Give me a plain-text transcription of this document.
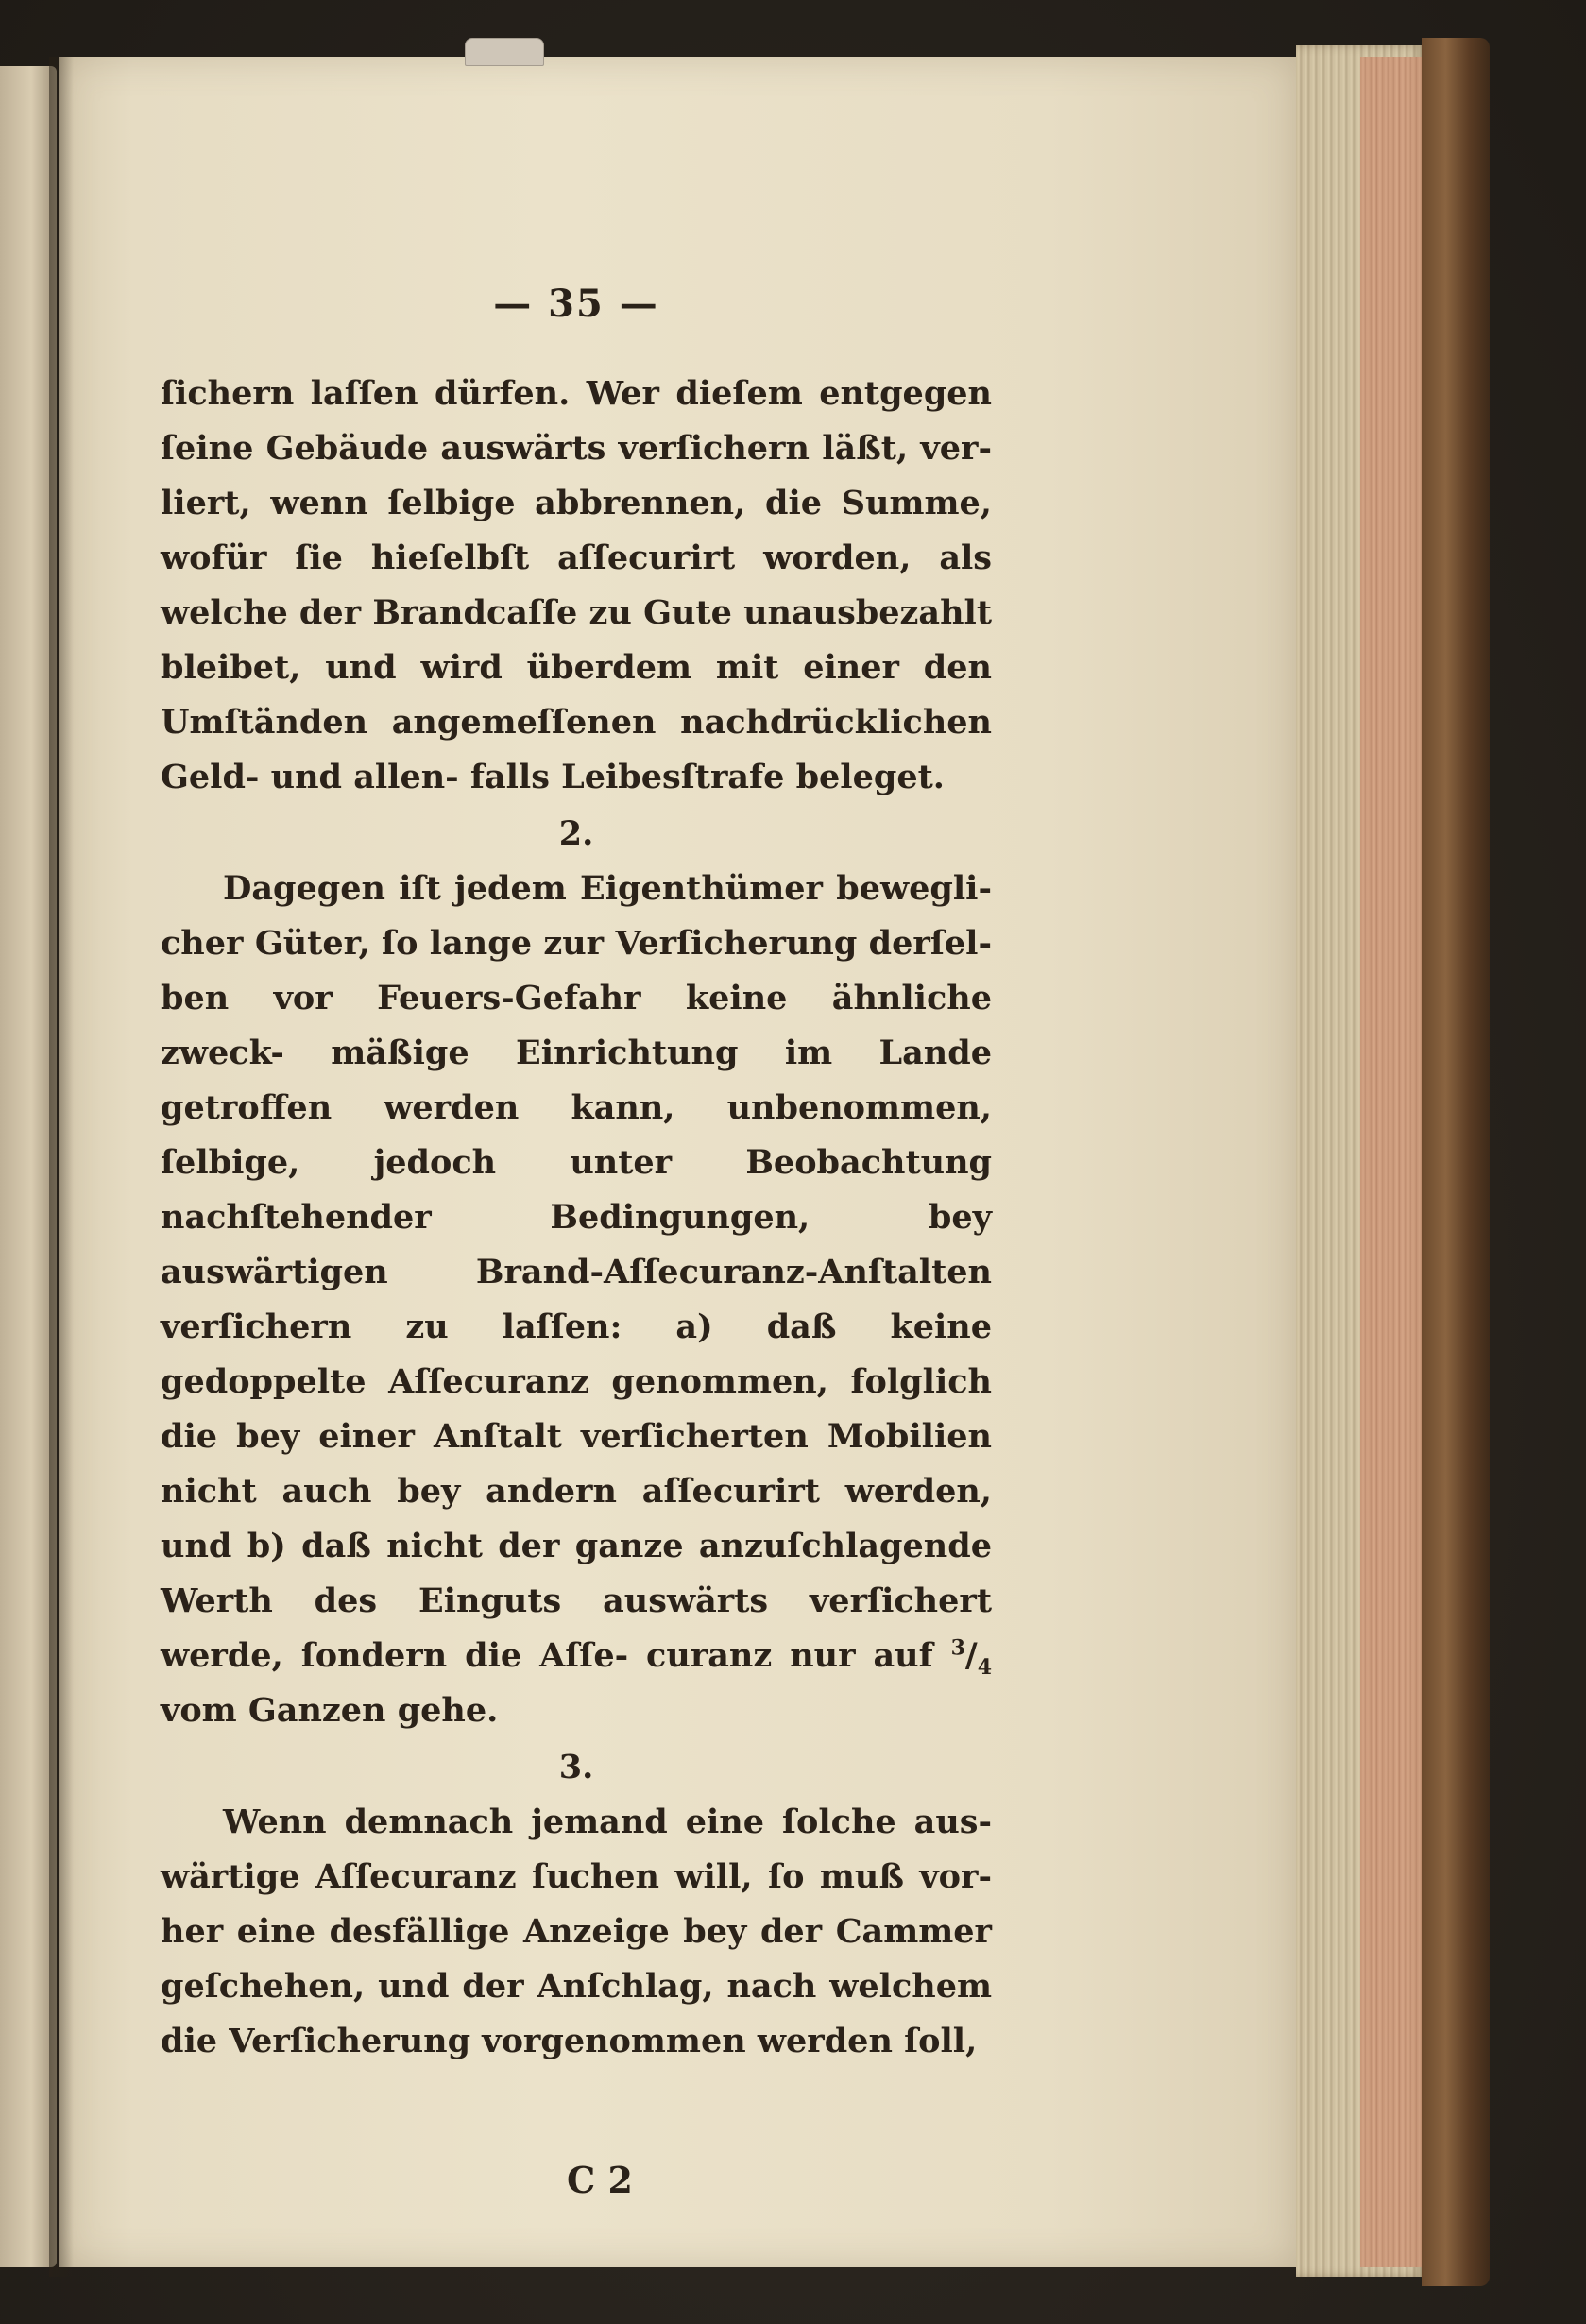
— 35 —

ſichern laſſen dürfen. Wer dieſem entgegen ſeine Gebäude auswärts verſichern läßt, ver- liert, wenn ſelbige abbrennen, die Summe, wofür ſie hieſelbſt aſſecurirt worden, als welche der Brandcaſſe zu Gute unausbezahlt bleibet, und wird überdem mit einer den Umſtänden angemeſſenen nachdrücklichen Geld- und allen- falls Leibesſtrafe beleget.

2.

Dagegen iſt jedem Eigenthümer bewegli- cher Güter, ſo lange zur Verſicherung derſel- ben vor Feuers-Gefahr keine ähnliche zweck- mäßige Einrichtung im Lande getroffen werden kann, unbenommen, ſelbige, jedoch unter Beobachtung nachſtehender Bedingungen, bey auswärtigen Brand-Aſſecuranz-Anſtalten verſichern zu laſſen: a) daß keine gedoppelte Aſſecuranz genommen, folglich die bey einer Anſtalt verſicherten Mobilien nicht auch bey andern aſſecurirt werden, und b) daß nicht der ganze anzuſchlagende Werth des Einguts auswärts verſichert werde, ſondern die Aſſe- curanz nur auf $^3/_4$ vom Ganzen gehe.

3.

Wenn demnach jemand eine ſolche aus- wärtige Aſſecuranz ſuchen will, ſo muß vor- her eine desfällige Anzeige bey der Cammer geſchehen, und der Anſchlag, nach welchem die Verſicherung vorgenommen werden ſoll,

C 2
